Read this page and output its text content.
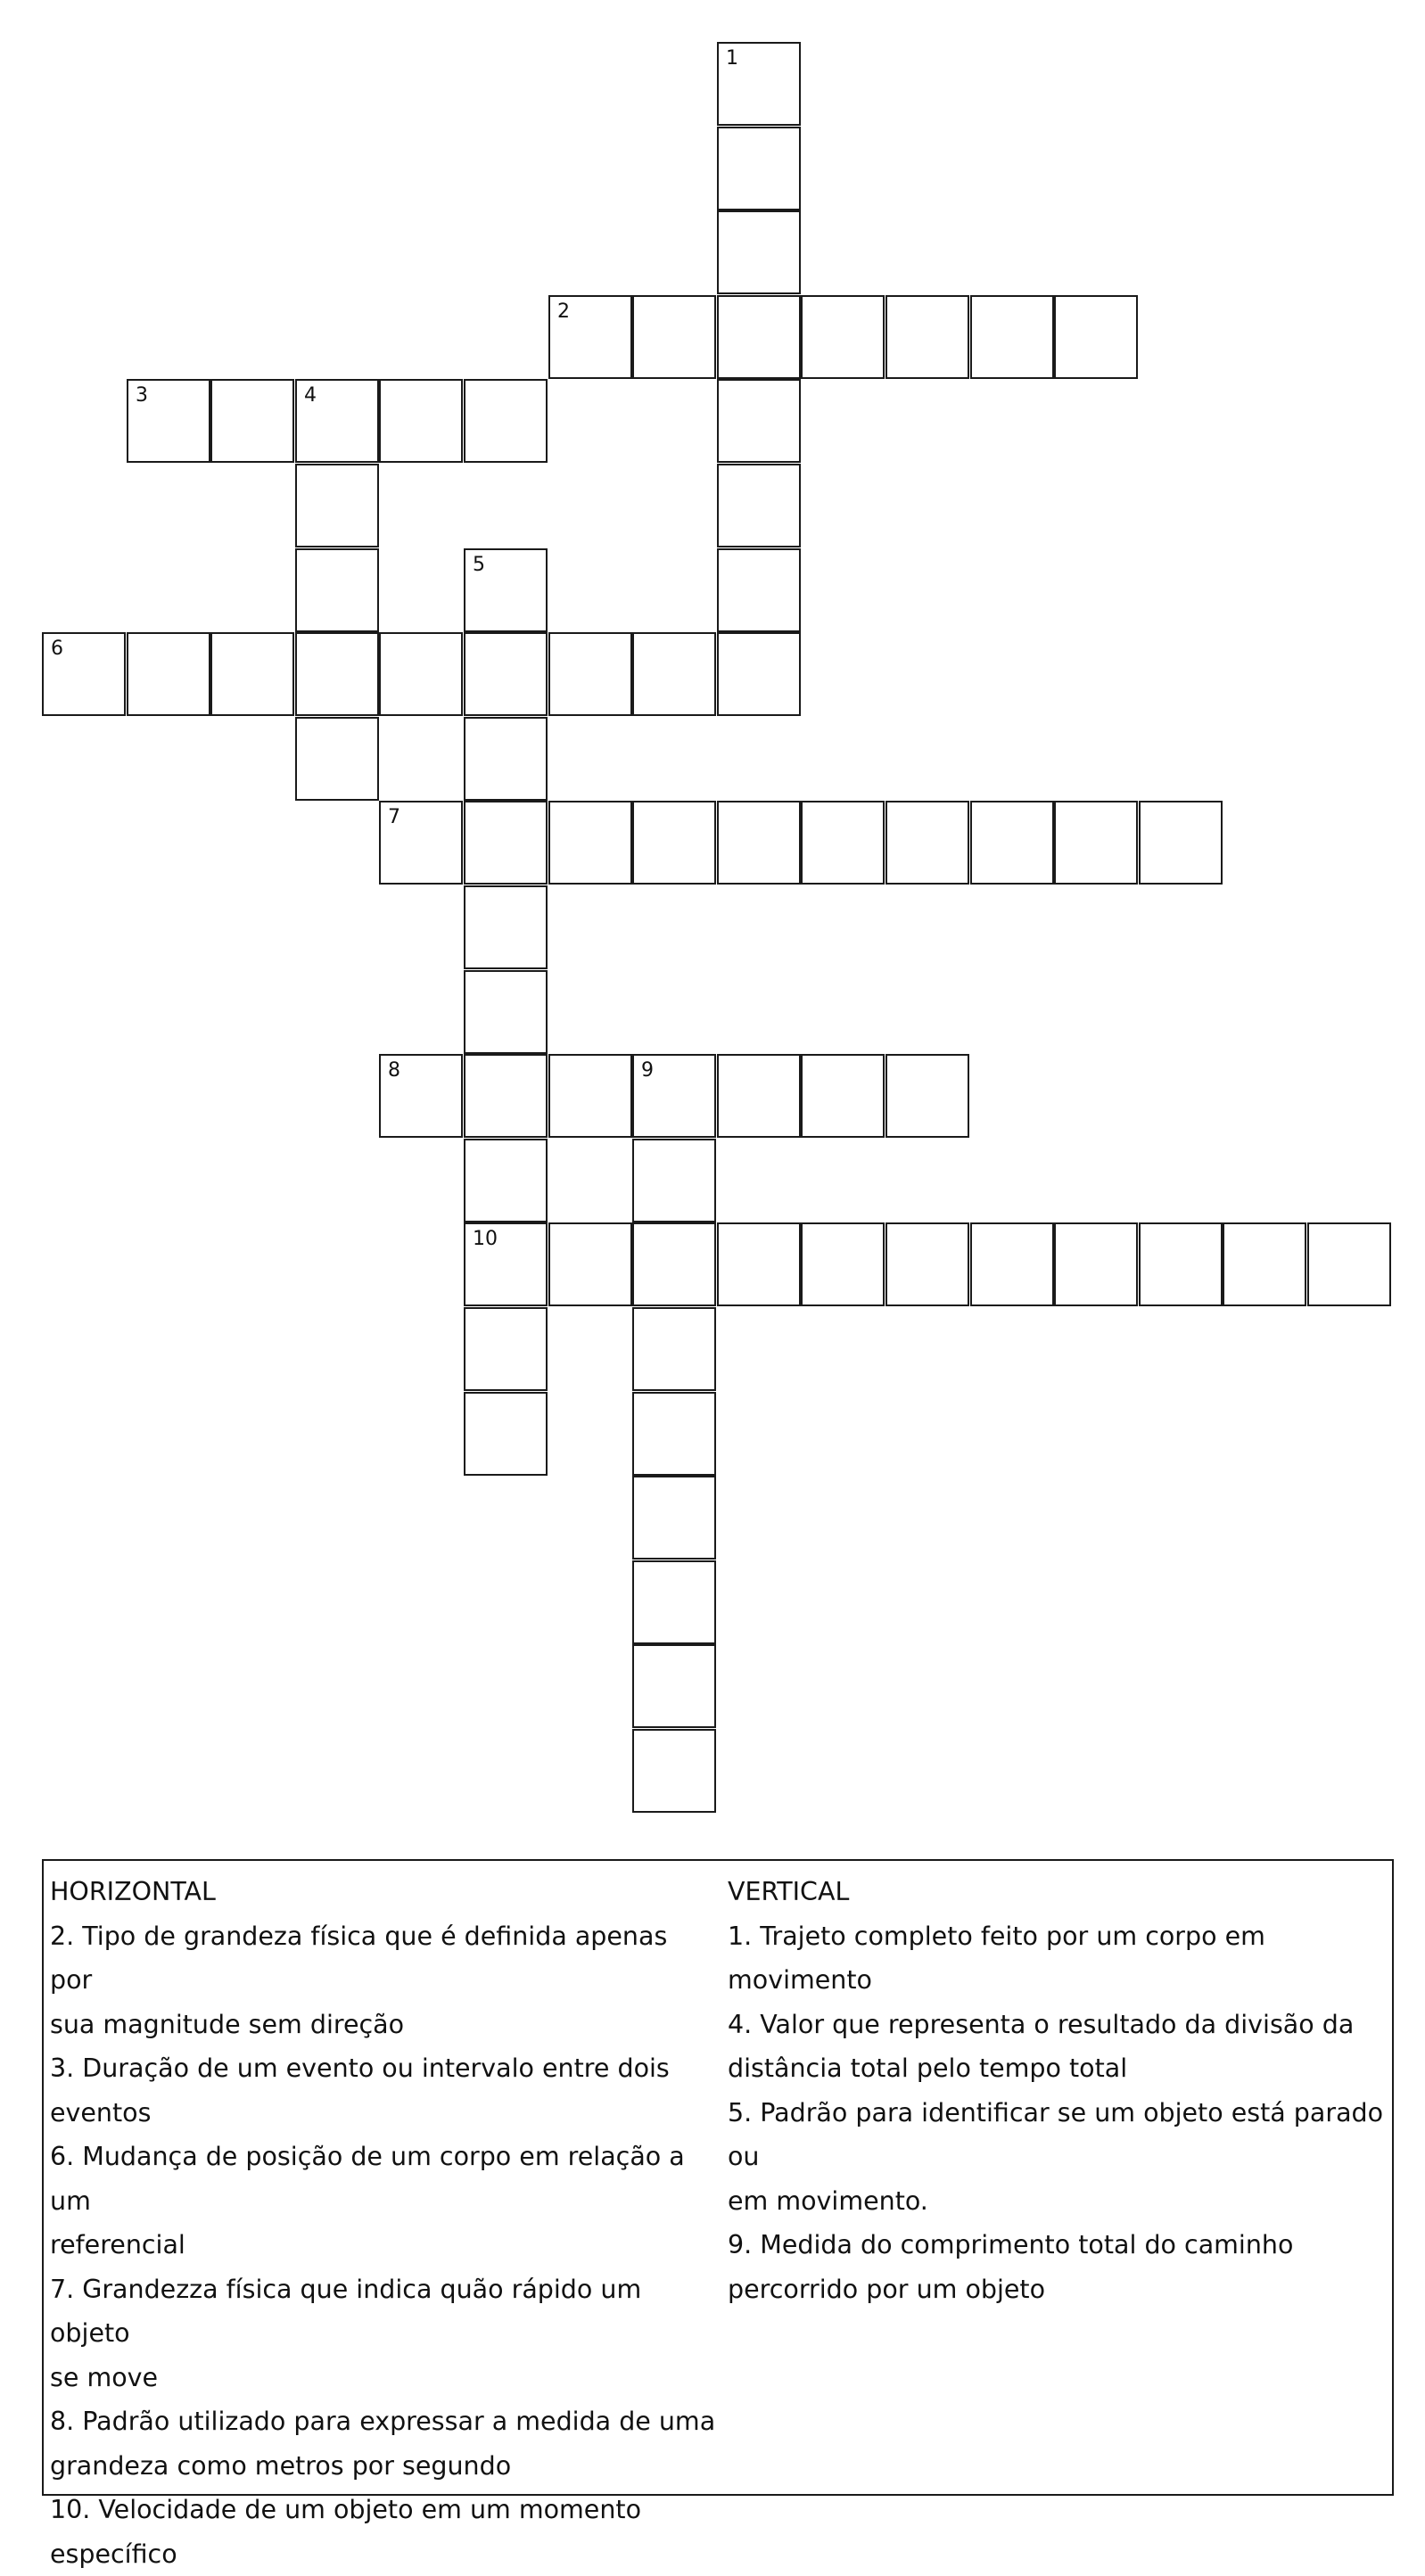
1
2
3	4
5
6
7
8	9
10
HORIZONTAL
2. Tipo de grandeza física que é definida apenas por
sua magnitude sem direção
3. Duração de um evento ou intervalo entre dois
eventos
6. Mudança de posição de um corpo em relação a um
referencial
7. Grandezza física que indica quão rápido um objeto
se move
8. Padrão utilizado para expressar a medida de uma
grandeza como metros por segundo
10. Velocidade de um objeto em um momento
específico
VERTICAL
1. Trajeto completo feito por um corpo em movimento
4. Valor que representa o resultado da divisão da
distância total pelo tempo total
5. Padrão para identificar se um objeto está parado ou
em movimento.
9. Medida do comprimento total do caminho
percorrido por um objeto
